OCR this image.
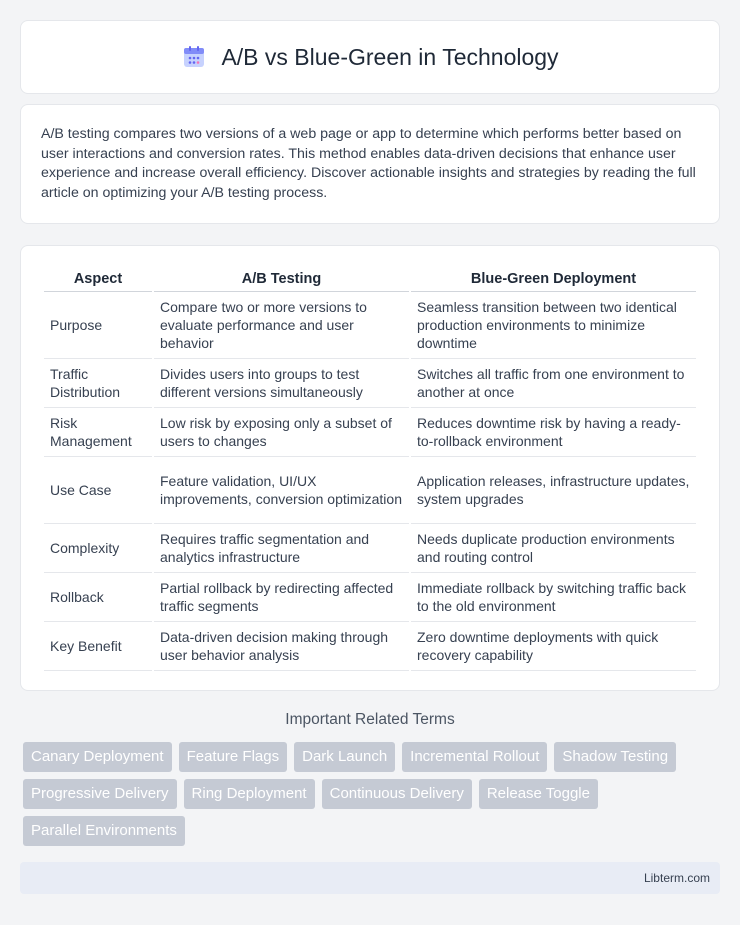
A/B vs Blue-Green in Technology

A/B testing compares two versions of a web page or app to determine which performs better based on user interactions and conversion rates. This method enables data-driven decisions that enhance user experience and increase overall efficiency. Discover actionable insights and strategies by reading the full article on optimizing your A/B testing process.

Aspect	A/B Testing	Blue-Green Deployment
Purpose	Compare two or more versions to evaluate performance and user behavior	Seamless transition between two identical production environments to minimize downtime
Traffic Distribution	Divides users into groups to test different versions simultaneously	Switches all traffic from one environment to another at once
Risk Management	Low risk by exposing only a subset of users to changes	Reduces downtime risk by having a ready-to-rollback environment
Use Case	Feature validation, UI/UX improvements, conversion optimization	Application releases, infrastructure updates, system upgrades
Complexity	Requires traffic segmentation and analytics infrastructure	Needs duplicate production environments and routing control
Rollback	Partial rollback by redirecting affected traffic segments	Immediate rollback by switching traffic back to the old environment
Key Benefit	Data-driven decision making through user behavior analysis	Zero downtime deployments with quick recovery capability
Important Related Terms
Canary Deployment	Feature Flags	Dark Launch	Incremental Rollout	Shadow Testing
Progressive Delivery	Ring Deployment	Continuous Delivery	Release Toggle
Parallel Environments
Libterm.com
